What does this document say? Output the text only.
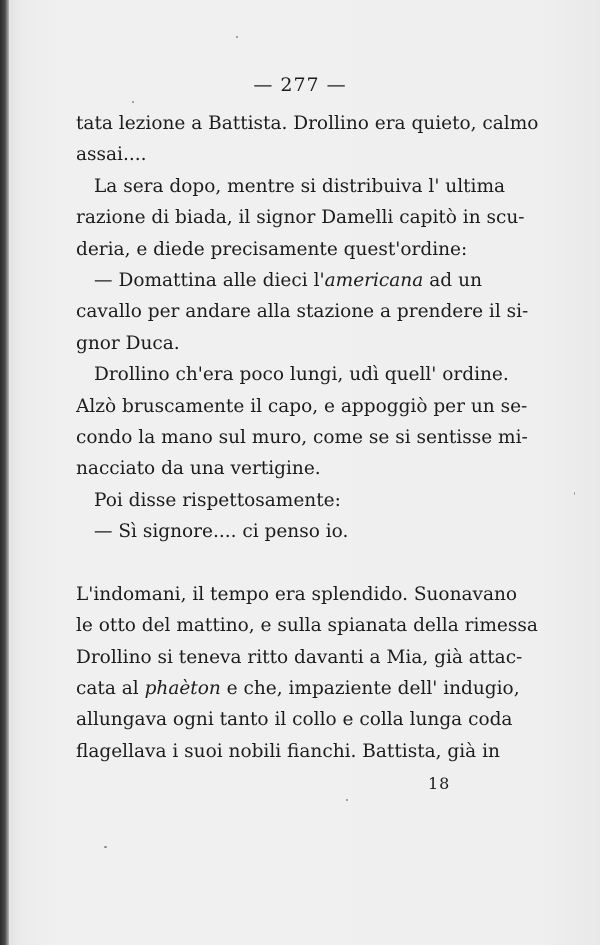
— 277 —
tata lezione a Battista. Drollino era quieto, calmo
assai....
La sera dopo, mentre si distribuiva l' ultima
razione di biada, il signor Damelli capitò in scu-
deria, e diede precisamente quest'ordine:
— Domattina alle dieci l'americana ad un
cavallo per andare alla stazione a prendere il si-
gnor Duca.
Drollino ch'era poco lungi, udì quell' ordine.
Alzò bruscamente il capo, e appoggiò per un se-
condo la mano sul muro, come se si sentisse mi-
nacciato da una vertigine.
Poi disse rispettosamente:
— Sì signore.... ci penso io.
L'indomani, il tempo era splendido. Suonavano
le otto del mattino, e sulla spianata della rimessa
Drollino si teneva ritto davanti a Mia, già attac-
cata al phaèton e che, impaziente dell' indugio,
allungava ogni tanto il collo e colla lunga coda
flagellava i suoi nobili fianchi. Battista, già in
18
